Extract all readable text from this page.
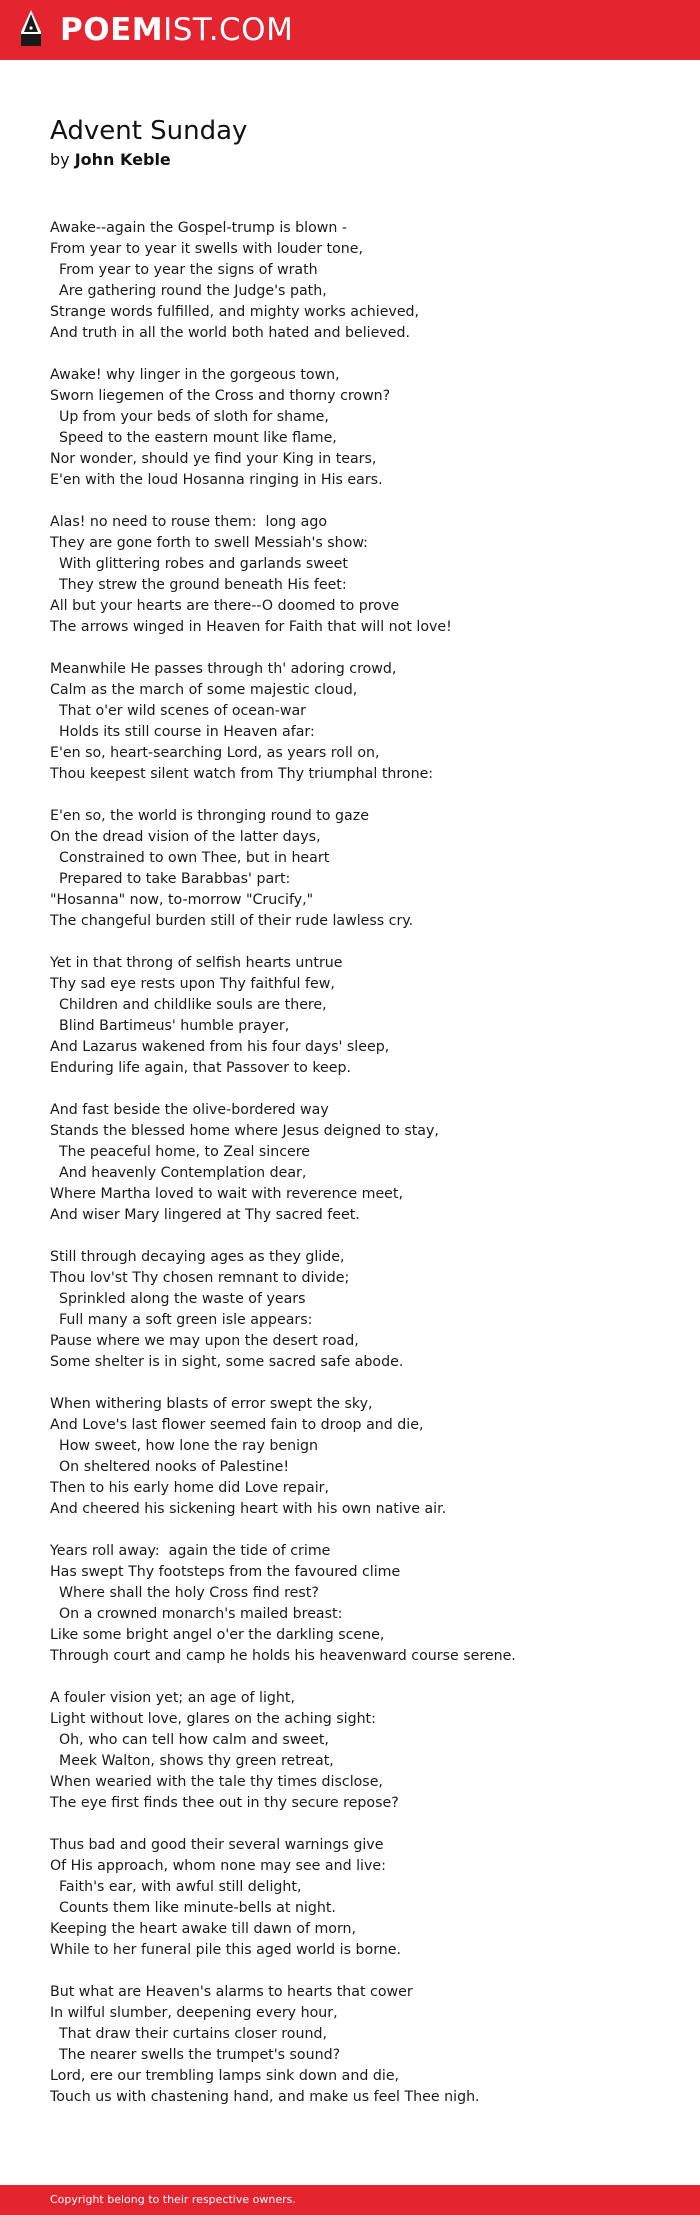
POEMIST.COM
Advent Sunday
by John Keble
Awake--again the Gospel-trump is blown -
From year to year it swells with louder tone,
From year to year the signs of wrath
Are gathering round the Judge's path,
Strange words fulfilled, and mighty works achieved,
And truth in all the world both hated and believed.
Awake! why linger in the gorgeous town,
Sworn liegemen of the Cross and thorny crown?
Up from your beds of sloth for shame,
Speed to the eastern mount like flame,
Nor wonder, should ye find your King in tears,
E'en with the loud Hosanna ringing in His ears.
Alas! no need to rouse them:  long ago
They are gone forth to swell Messiah's show:
With glittering robes and garlands sweet
They strew the ground beneath His feet:
All but your hearts are there--O doomed to prove
The arrows winged in Heaven for Faith that will not love!
Meanwhile He passes through th' adoring crowd,
Calm as the march of some majestic cloud,
That o'er wild scenes of ocean-war
Holds its still course in Heaven afar:
E'en so, heart-searching Lord, as years roll on,
Thou keepest silent watch from Thy triumphal throne:
E'en so, the world is thronging round to gaze
On the dread vision of the latter days,
Constrained to own Thee, but in heart
Prepared to take Barabbas' part:
"Hosanna" now, to-morrow "Crucify,"
The changeful burden still of their rude lawless cry.
Yet in that throng of selfish hearts untrue
Thy sad eye rests upon Thy faithful few,
Children and childlike souls are there,
Blind Bartimeus' humble prayer,
And Lazarus wakened from his four days' sleep,
Enduring life again, that Passover to keep.
And fast beside the olive-bordered way
Stands the blessed home where Jesus deigned to stay,
The peaceful home, to Zeal sincere
And heavenly Contemplation dear,
Where Martha loved to wait with reverence meet,
And wiser Mary lingered at Thy sacred feet.
Still through decaying ages as they glide,
Thou lov'st Thy chosen remnant to divide;
Sprinkled along the waste of years
Full many a soft green isle appears:
Pause where we may upon the desert road,
Some shelter is in sight, some sacred safe abode.
When withering blasts of error swept the sky,
And Love's last flower seemed fain to droop and die,
How sweet, how lone the ray benign
On sheltered nooks of Palestine!
Then to his early home did Love repair,
And cheered his sickening heart with his own native air.
Years roll away:  again the tide of crime
Has swept Thy footsteps from the favoured clime
Where shall the holy Cross find rest?
On a crowned monarch's mailed breast:
Like some bright angel o'er the darkling scene,
Through court and camp he holds his heavenward course serene.
A fouler vision yet; an age of light,
Light without love, glares on the aching sight:
Oh, who can tell how calm and sweet,
Meek Walton, shows thy green retreat,
When wearied with the tale thy times disclose,
The eye first finds thee out in thy secure repose?
Thus bad and good their several warnings give
Of His approach, whom none may see and live:
Faith's ear, with awful still delight,
Counts them like minute-bells at night.
Keeping the heart awake till dawn of morn,
While to her funeral pile this aged world is borne.
But what are Heaven's alarms to hearts that cower
In wilful slumber, deepening every hour,
That draw their curtains closer round,
The nearer swells the trumpet's sound?
Lord, ere our trembling lamps sink down and die,
Touch us with chastening hand, and make us feel Thee nigh.
Copyright belong to their respective owners.
